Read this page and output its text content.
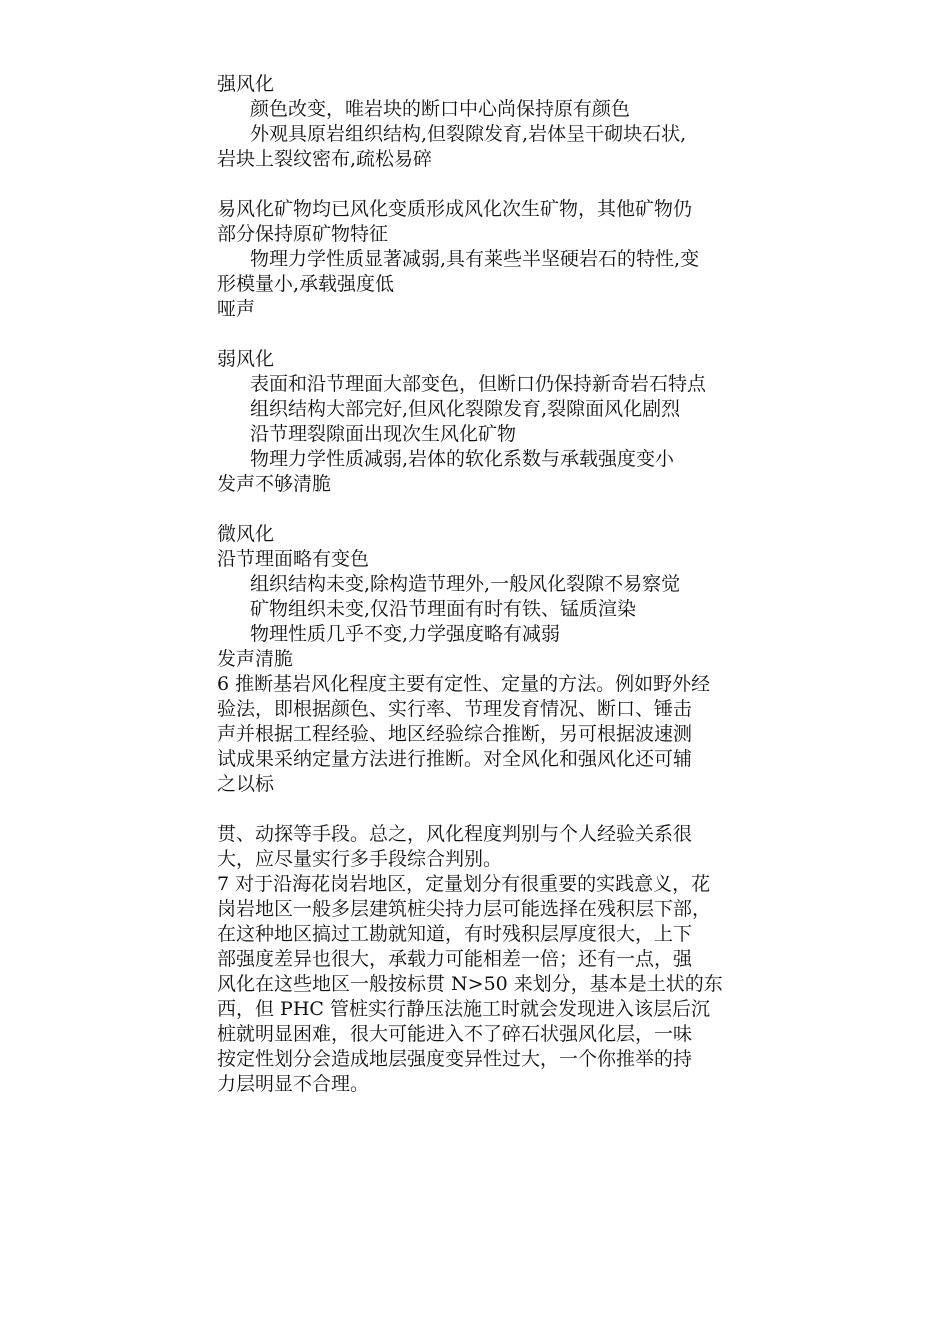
强风化
颜色改变，唯岩块的断口中心尚保持原有颜色
外观具原岩组织结构,但裂隙发育,岩体呈干砌块石状,
岩块上裂纹密布,疏松易碎
易风化矿物均已风化变质形成风化次生矿物，其他矿物仍
部分保持原矿物特征
物理力学性质显著减弱,具有莱些半坚硬岩石的特性,变
形模量小,承载强度低
哑声
弱风化
表面和沿节理面大部变色，但断口仍保持新奇岩石特点
组织结构大部完好,但风化裂隙发育,裂隙面风化剧烈
沿节理裂隙面出现次生风化矿物
物理力学性质减弱,岩体的软化系数与承载强度变小
发声不够清脆
微风化
沿节理面略有变色
组织结构未变,除构造节理外,一般风化裂隙不易察觉
矿物组织未变,仅沿节理面有时有铁、锰质渲染
物理性质几乎不变,力学强度略有减弱
发声清脆
6 推断基岩风化程度主要有定性、定量的方法。例如野外经
验法，即根据颜色、实行率、节理发育情况、断口、锤击
声并根据工程经验、地区经验综合推断，另可根据波速测
试成果采纳定量方法进行推断。对全风化和强风化还可辅
之以标
贯、动探等手段。总之，风化程度判别与个人经验关系很
大，应尽量实行多手段综合判别。
7 对于沿海花岗岩地区，定量划分有很重要的实践意义，花
岗岩地区一般多层建筑桩尖持力层可能选择在残积层下部，
在这种地区搞过工勘就知道，有时残积层厚度很大，上下
部强度差异也很大，承载力可能相差一倍；还有一点，强
风化在这些地区一般按标贯 N>50 来划分，基本是土状的东
西，但 PHC 管桩实行静压法施工时就会发现进入该层后沉
桩就明显困难，很大可能进入不了碎石状强风化层，一味
按定性划分会造成地层强度变异性过大，一个你推举的持
力层明显不合理。
